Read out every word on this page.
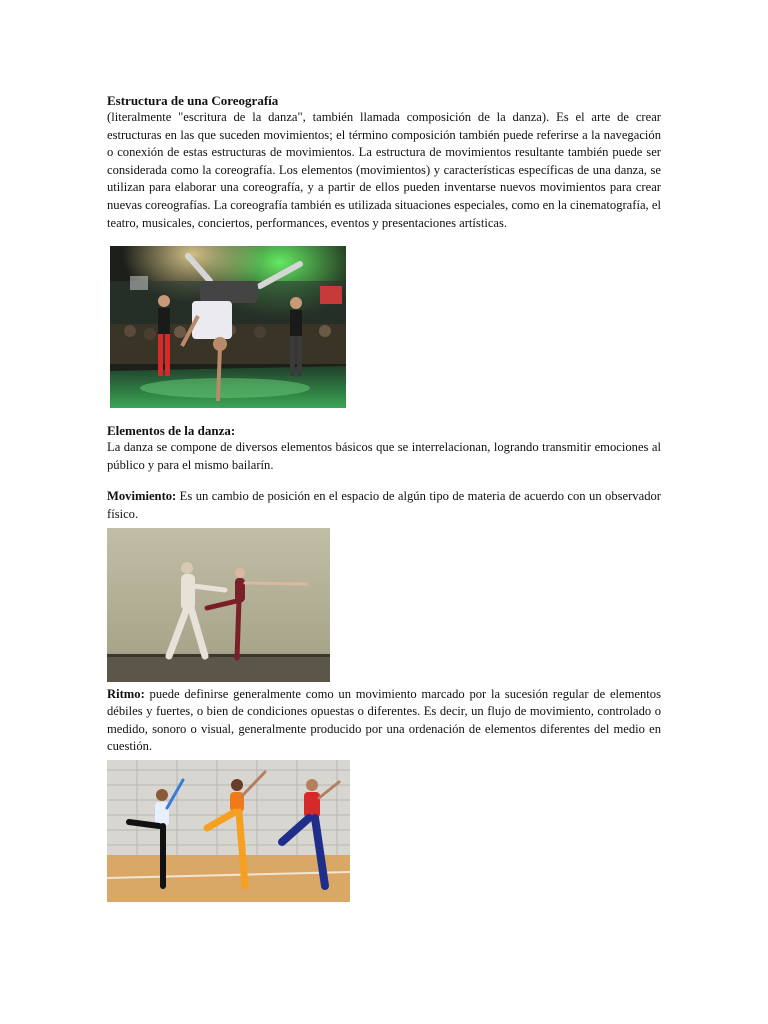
Estructura de una Coreografía

(literalmente "escritura de la danza", también llamada composición de la danza). Es el arte de crear estructuras en las que suceden movimientos; el término composición también puede referirse a la navegación o conexión de estas estructuras de movimientos. La estructura de movimientos resultante también puede ser considerada como la coreografía. Los elementos (movimientos) y características específicas de una danza, se utilizan para elaborar una coreografía, y a partir de ellos pueden inventarse nuevos movimientos para crear nuevas coreografías. La coreografía también es utilizada situaciones especiales, como en la cinematografía, el teatro, musicales, conciertos, performances, eventos y presentaciones artísticas.

Elementos de la danza:

La danza se compone de diversos elementos básicos que se interrelacionan, logrando transmitir emociones al público y para el mismo bailarín.

Movimiento: Es un cambio de posición en el espacio de algún tipo de materia de acuerdo con un observador físico.

Ritmo: puede definirse generalmente como un movimiento marcado por la sucesión regular de elementos débiles y fuertes, o bien de condiciones opuestas o diferentes. Es decir, un flujo de movimiento, controlado o medido, sonoro o visual, generalmente producido por una ordenación de elementos diferentes del medio en cuestión.
